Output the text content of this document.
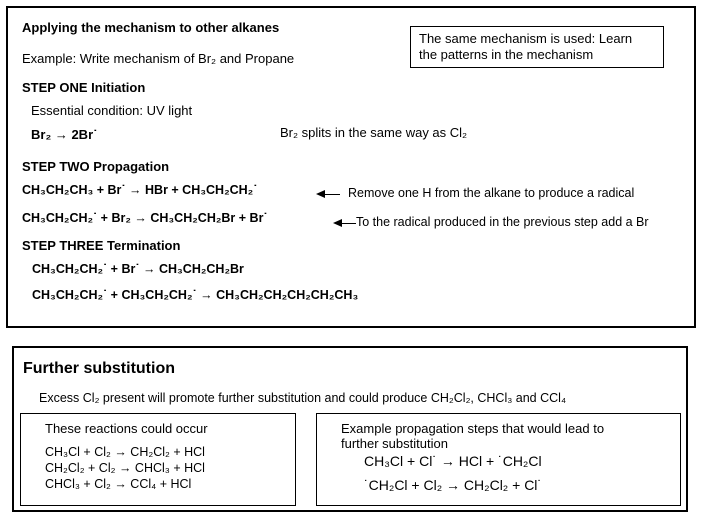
Applying the mechanism to other alkanes
Example: Write mechanism of Br₂ and Propane
The same mechanism is used: Learn
the patterns in the mechanism
STEP ONE Initiation
Essential condition: UV light
Br₂ → 2Br˙	Br₂ splits in the same way as Cl₂
STEP TWO Propagation
CH₃CH₂CH₃ + Br˙ → HBr + CH₃CH₂CH₂˙	Remove one H from the alkane to produce a radical
CH₃CH₂CH₂˙ + Br₂ → CH₃CH₂CH₂Br + Br˙	To the radical produced in the previous step add a Br
STEP THREE Termination
CH₃CH₂CH₂˙ + Br˙ → CH₃CH₂CH₂Br
CH₃CH₂CH₂˙ + CH₃CH₂CH₂˙ → CH₃CH₂CH₂CH₂CH₂CH₃
Further substitution
Excess Cl₂ present will promote further substitution and could produce CH₂Cl₂, CHCl₃ and CCl₄
These reactions could occur
CH₃Cl + Cl₂ → CH₂Cl₂ + HCl
CH₂Cl₂ + Cl₂ → CHCl₃ + HCl
CHCl₃ + Cl₂ → CCl₄ + HCl
Example propagation steps that would lead to
further substitution
CH₃Cl + Cl˙ → HCl + ˙CH₂Cl
˙CH₂Cl + Cl₂ → CH₂Cl₂ + Cl˙
